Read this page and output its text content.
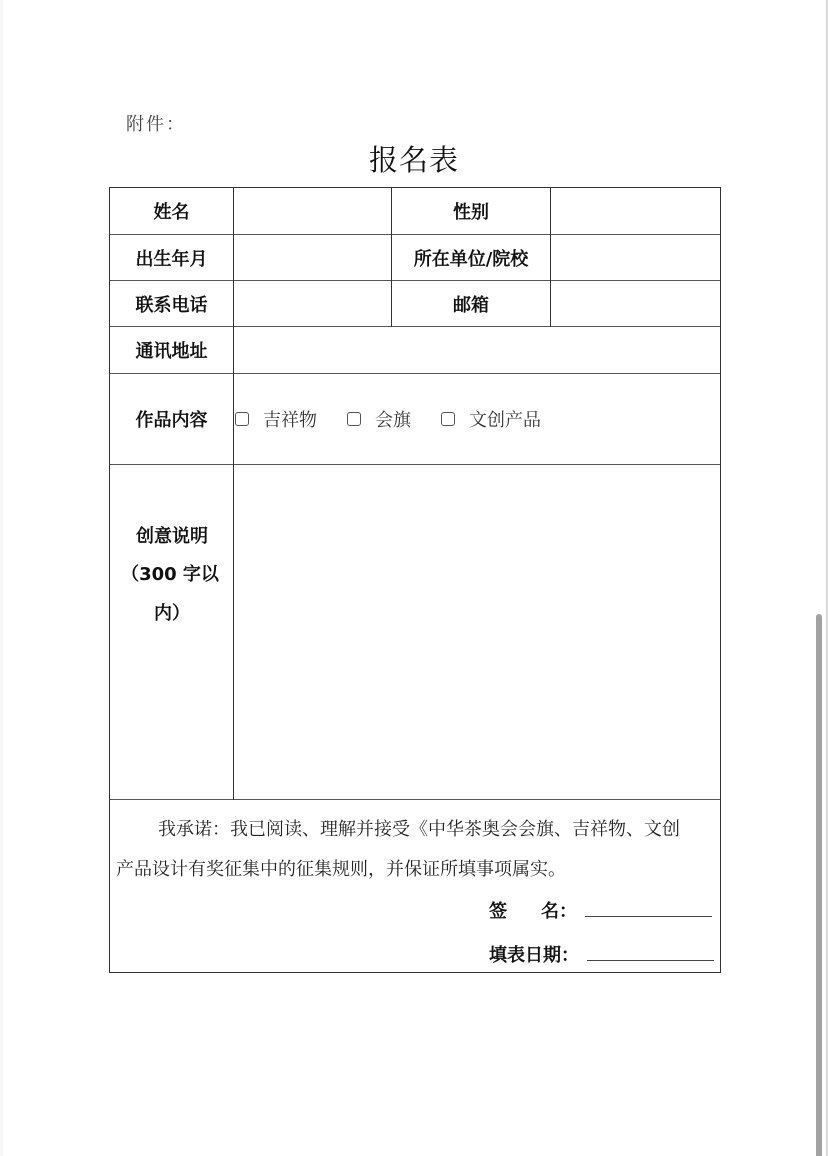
附件：
报名表
姓名	性别
出生年月	所在单位/院校
联系电话	邮箱
通讯地址
作品内容	吉祥物	会旗	文创产品
创意说明
（300 字以
内）
我承诺：我已阅读、理解并接受《中华茶奥会会旗、吉祥物、文创
产品设计有奖征集中的征集规则，并保证所填事项属实。
签 名：
填表日期：
